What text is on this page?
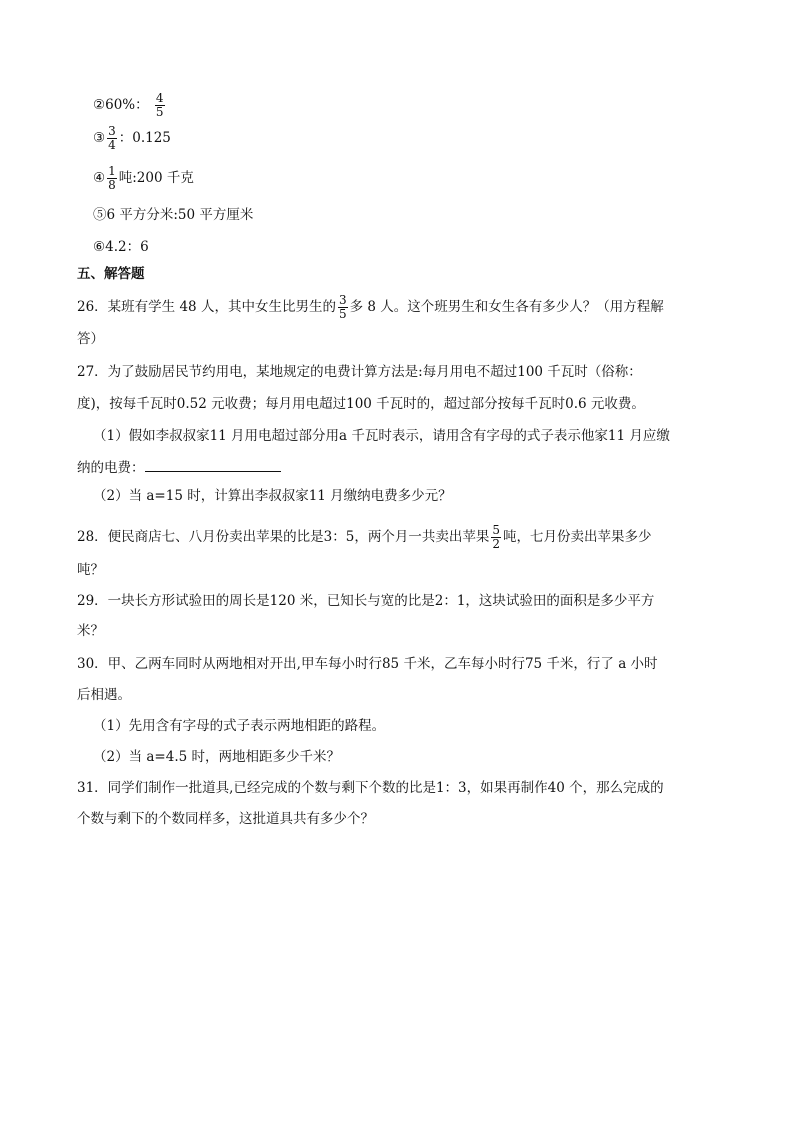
②60%： $\frac{4}{5}$
③ $\frac{3}{4}$ ：0.125
④ $\frac{1}{8}$ 吨:200 千克
⑤6 平方分米:50 平方厘米
⑥4.2：6
五、解答题
26．某班有学生 48 人，其中女生比男生的 $\frac{3}{5}$ 多 8 人。这个班男生和女生各有多少人？（用方程解
答）
27．为了鼓励居民节约用电，某地规定的电费计算方法是:每月用电不超过100 千瓦时（俗称：
度)，按每千瓦时0.52 元收费；每月用电超过100 千瓦时的，超过部分按每千瓦时0.6 元收费。
（1）假如李叔叔家11 月用电超过部分用a 千瓦时表示，请用含有字母的式子表示他家11 月应缴
纳的电费：
（2）当 a=15 时，计算出李叔叔家11 月缴纳电费多少元？
28．便民商店七、八月份卖出苹果的比是3：5，两个月一共卖出苹果 $\frac{5}{2}$ 吨，七月份卖出苹果多少
吨？
29．一块长方形试验田的周长是120 米，已知长与宽的比是2：1，这块试验田的面积是多少平方
米？
30．甲、乙两车同时从两地相对开出,甲车每小时行85 千米，乙车每小时行75 千米，行了 a 小时
后相遇。
（1）先用含有字母的式子表示两地相距的路程。
（2）当 a=4.5 时，两地相距多少千米？
31．同学们制作一批道具,已经完成的个数与剩下个数的比是1：3，如果再制作40 个，那么完成的
个数与剩下的个数同样多，这批道具共有多少个？
